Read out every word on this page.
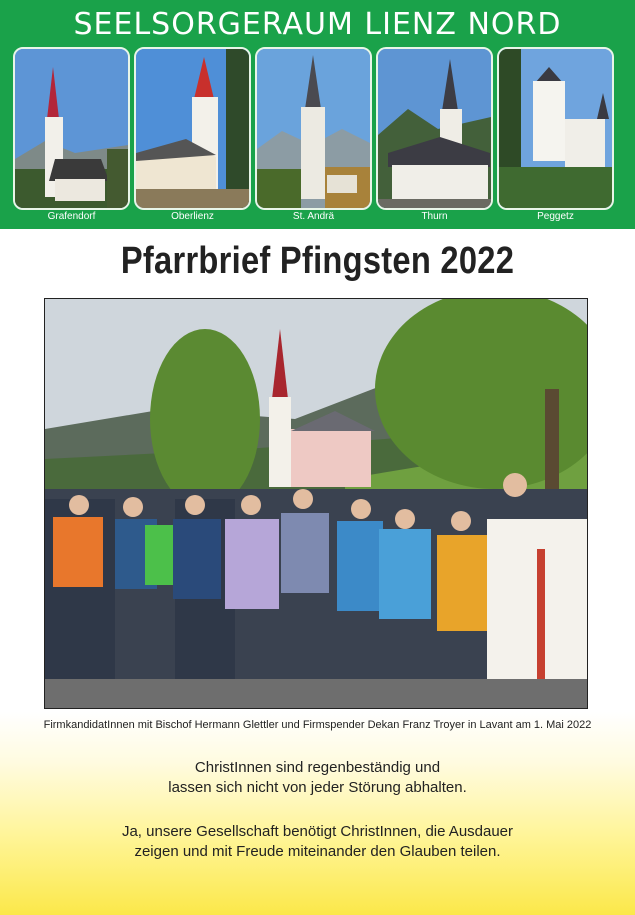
SEELSORGERAUM LIENZ NORD
Grafendorf	Oberlienz	St. Andrä	Thurn	Peggetz
Pfarrbrief Pfingsten 2022
FirmkandidatInnen mit Bischof Hermann Glettler und Firmspender Dekan Franz Troyer in Lavant am 1. Mai 2022
ChristInnen sind regenbeständig und
lassen sich nicht von jeder Störung abhalten.
Ja, unsere Gesellschaft benötigt ChristInnen, die Ausdauer
zeigen und mit Freude miteinander den Glauben teilen.
